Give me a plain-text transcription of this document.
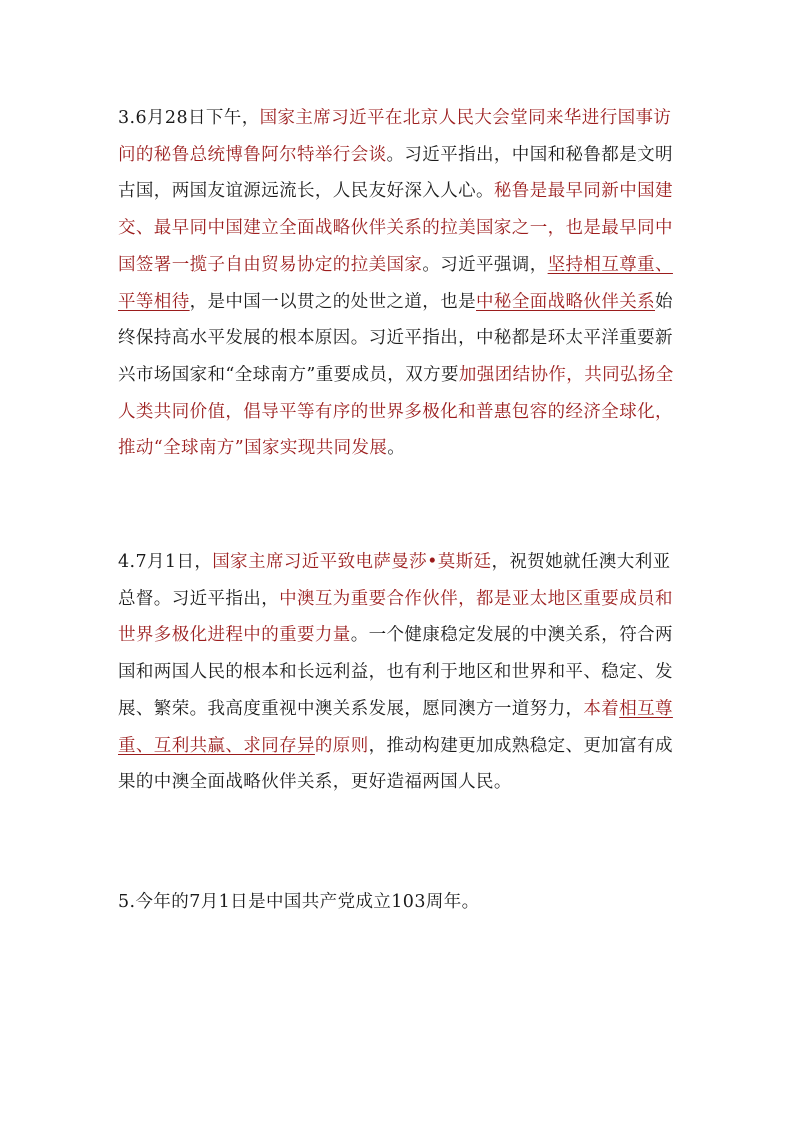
3.6月28日下午，国家主席习近平在北京人民大会堂同来华进行国事访问的秘鲁总统博鲁阿尔特举行会谈。习近平指出，中国和秘鲁都是文明古国，两国友谊源远流长，人民友好深入人心。秘鲁是最早同新中国建交、最早同中国建立全面战略伙伴关系的拉美国家之一，也是最早同中国签署一揽子自由贸易协定的拉美国家。习近平强调，坚持相互尊重、平等相待，是中国一以贯之的处世之道，也是中秘全面战略伙伴关系始终保持高水平发展的根本原因。习近平指出，中秘都是环太平洋重要新兴市场国家和“全球南方”重要成员，双方要加强团结协作，共同弘扬全人类共同价值，倡导平等有序的世界多极化和普惠包容的经济全球化，推动“全球南方”国家实现共同发展。

4.7月1日，国家主席习近平致电萨曼莎•莫斯廷，祝贺她就任澳大利亚总督。习近平指出，中澳互为重要合作伙伴，都是亚太地区重要成员和世界多极化进程中的重要力量。一个健康稳定发展的中澳关系，符合两国和两国人民的根本和长远利益，也有利于地区和世界和平、稳定、发展、繁荣。我高度重视中澳关系发展，愿同澳方一道努力，本着相互尊重、互利共赢、求同存异的原则，推动构建更加成熟稳定、更加富有成果的中澳全面战略伙伴关系，更好造福两国人民。

5.今年的7月1日是中国共产党成立103周年。
